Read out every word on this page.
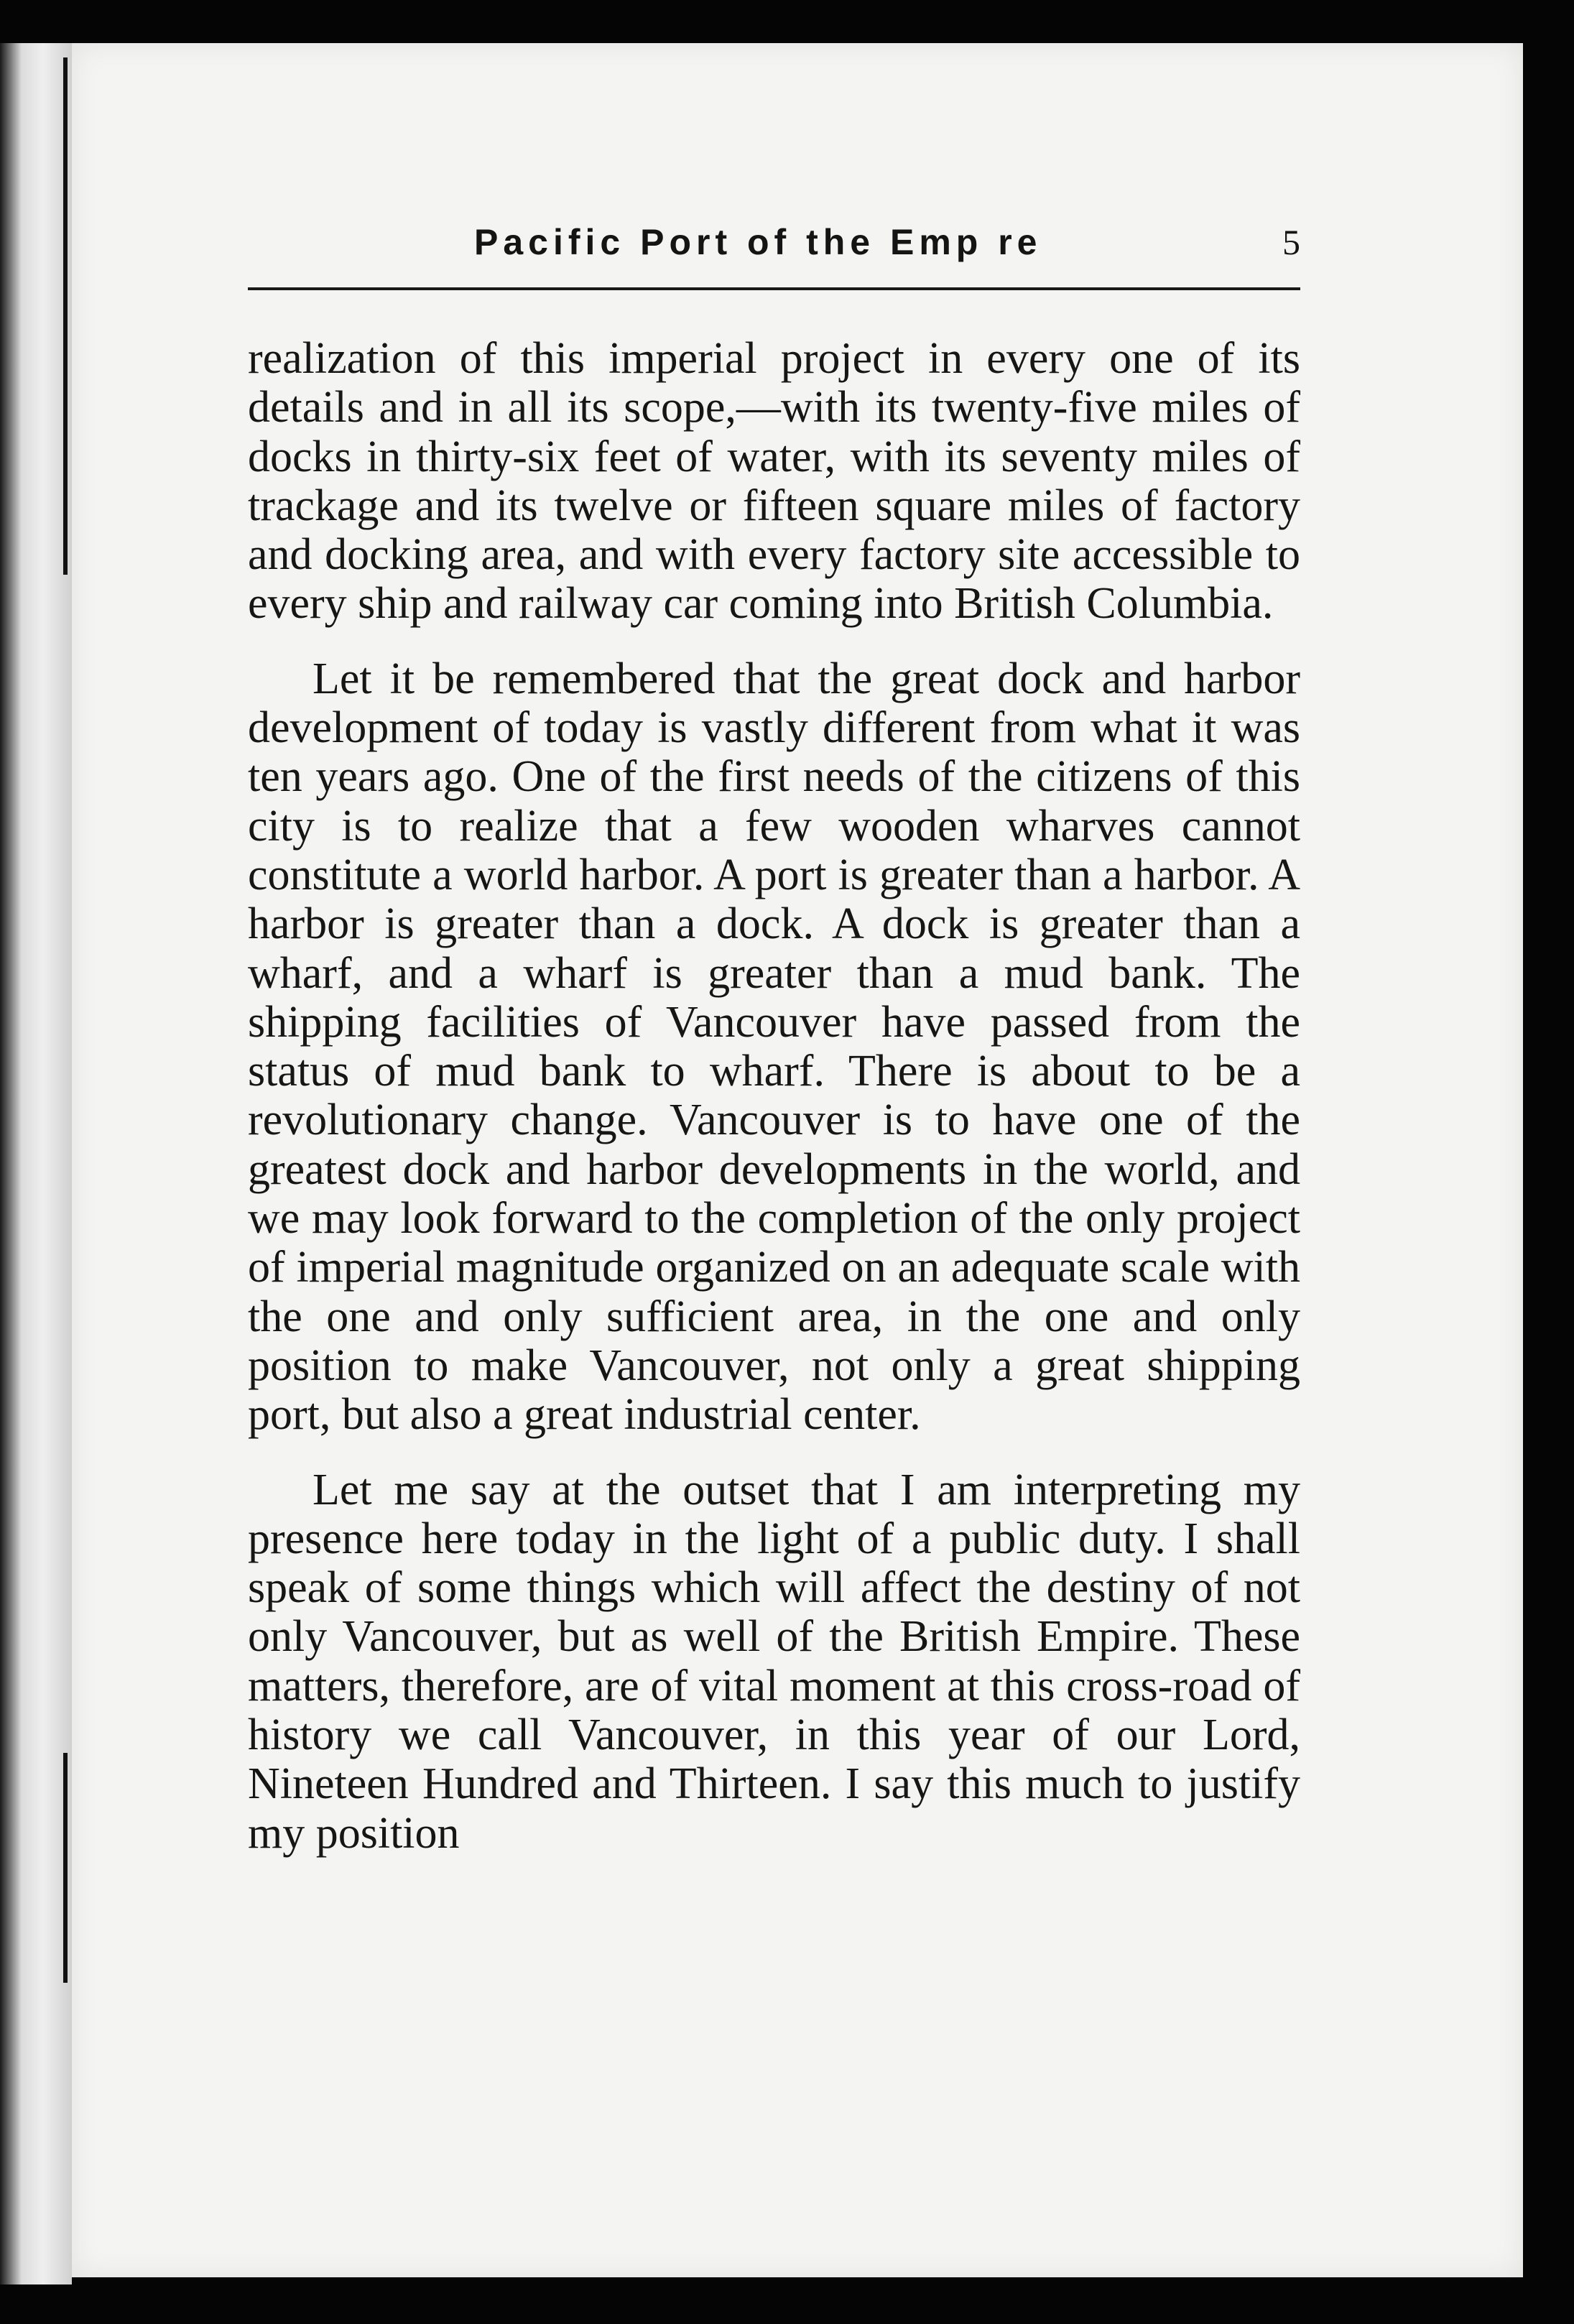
Pacific Port of the Emp re	5

realization of this imperial project in every one of its details and in all its scope,—with its twenty-five miles of docks in thirty-six feet of water, with its seventy miles of trackage and its twelve or fifteen square miles of factory and docking area, and with every factory site accessible to every ship and railway car coming into British Columbia.

Let it be remembered that the great dock and harbor development of today is vastly different from what it was ten years ago. One of the first needs of the citizens of this city is to realize that a few wooden wharves cannot constitute a world harbor. A port is greater than a harbor. A harbor is greater than a dock. A dock is greater than a wharf, and a wharf is greater than a mud bank. The shipping facilities of Vancouver have passed from the status of mud bank to wharf. There is about to be a revolutionary change. Vancouver is to have one of the greatest dock and harbor developments in the world, and we may look forward to the completion of the only project of imperial magnitude organized on an adequate scale with the one and only sufficient area, in the one and only position to make Vancouver, not only a great shipping port, but also a great industrial center.

Let me say at the outset that I am interpreting my presence here today in the light of a public duty. I shall speak of some things which will affect the destiny of not only Vancouver, but as well of the British Empire. These matters, therefore, are of vital moment at this cross-road of history we call Vancouver, in this year of our Lord, Nineteen Hundred and Thirteen. I say this much to justify my position
